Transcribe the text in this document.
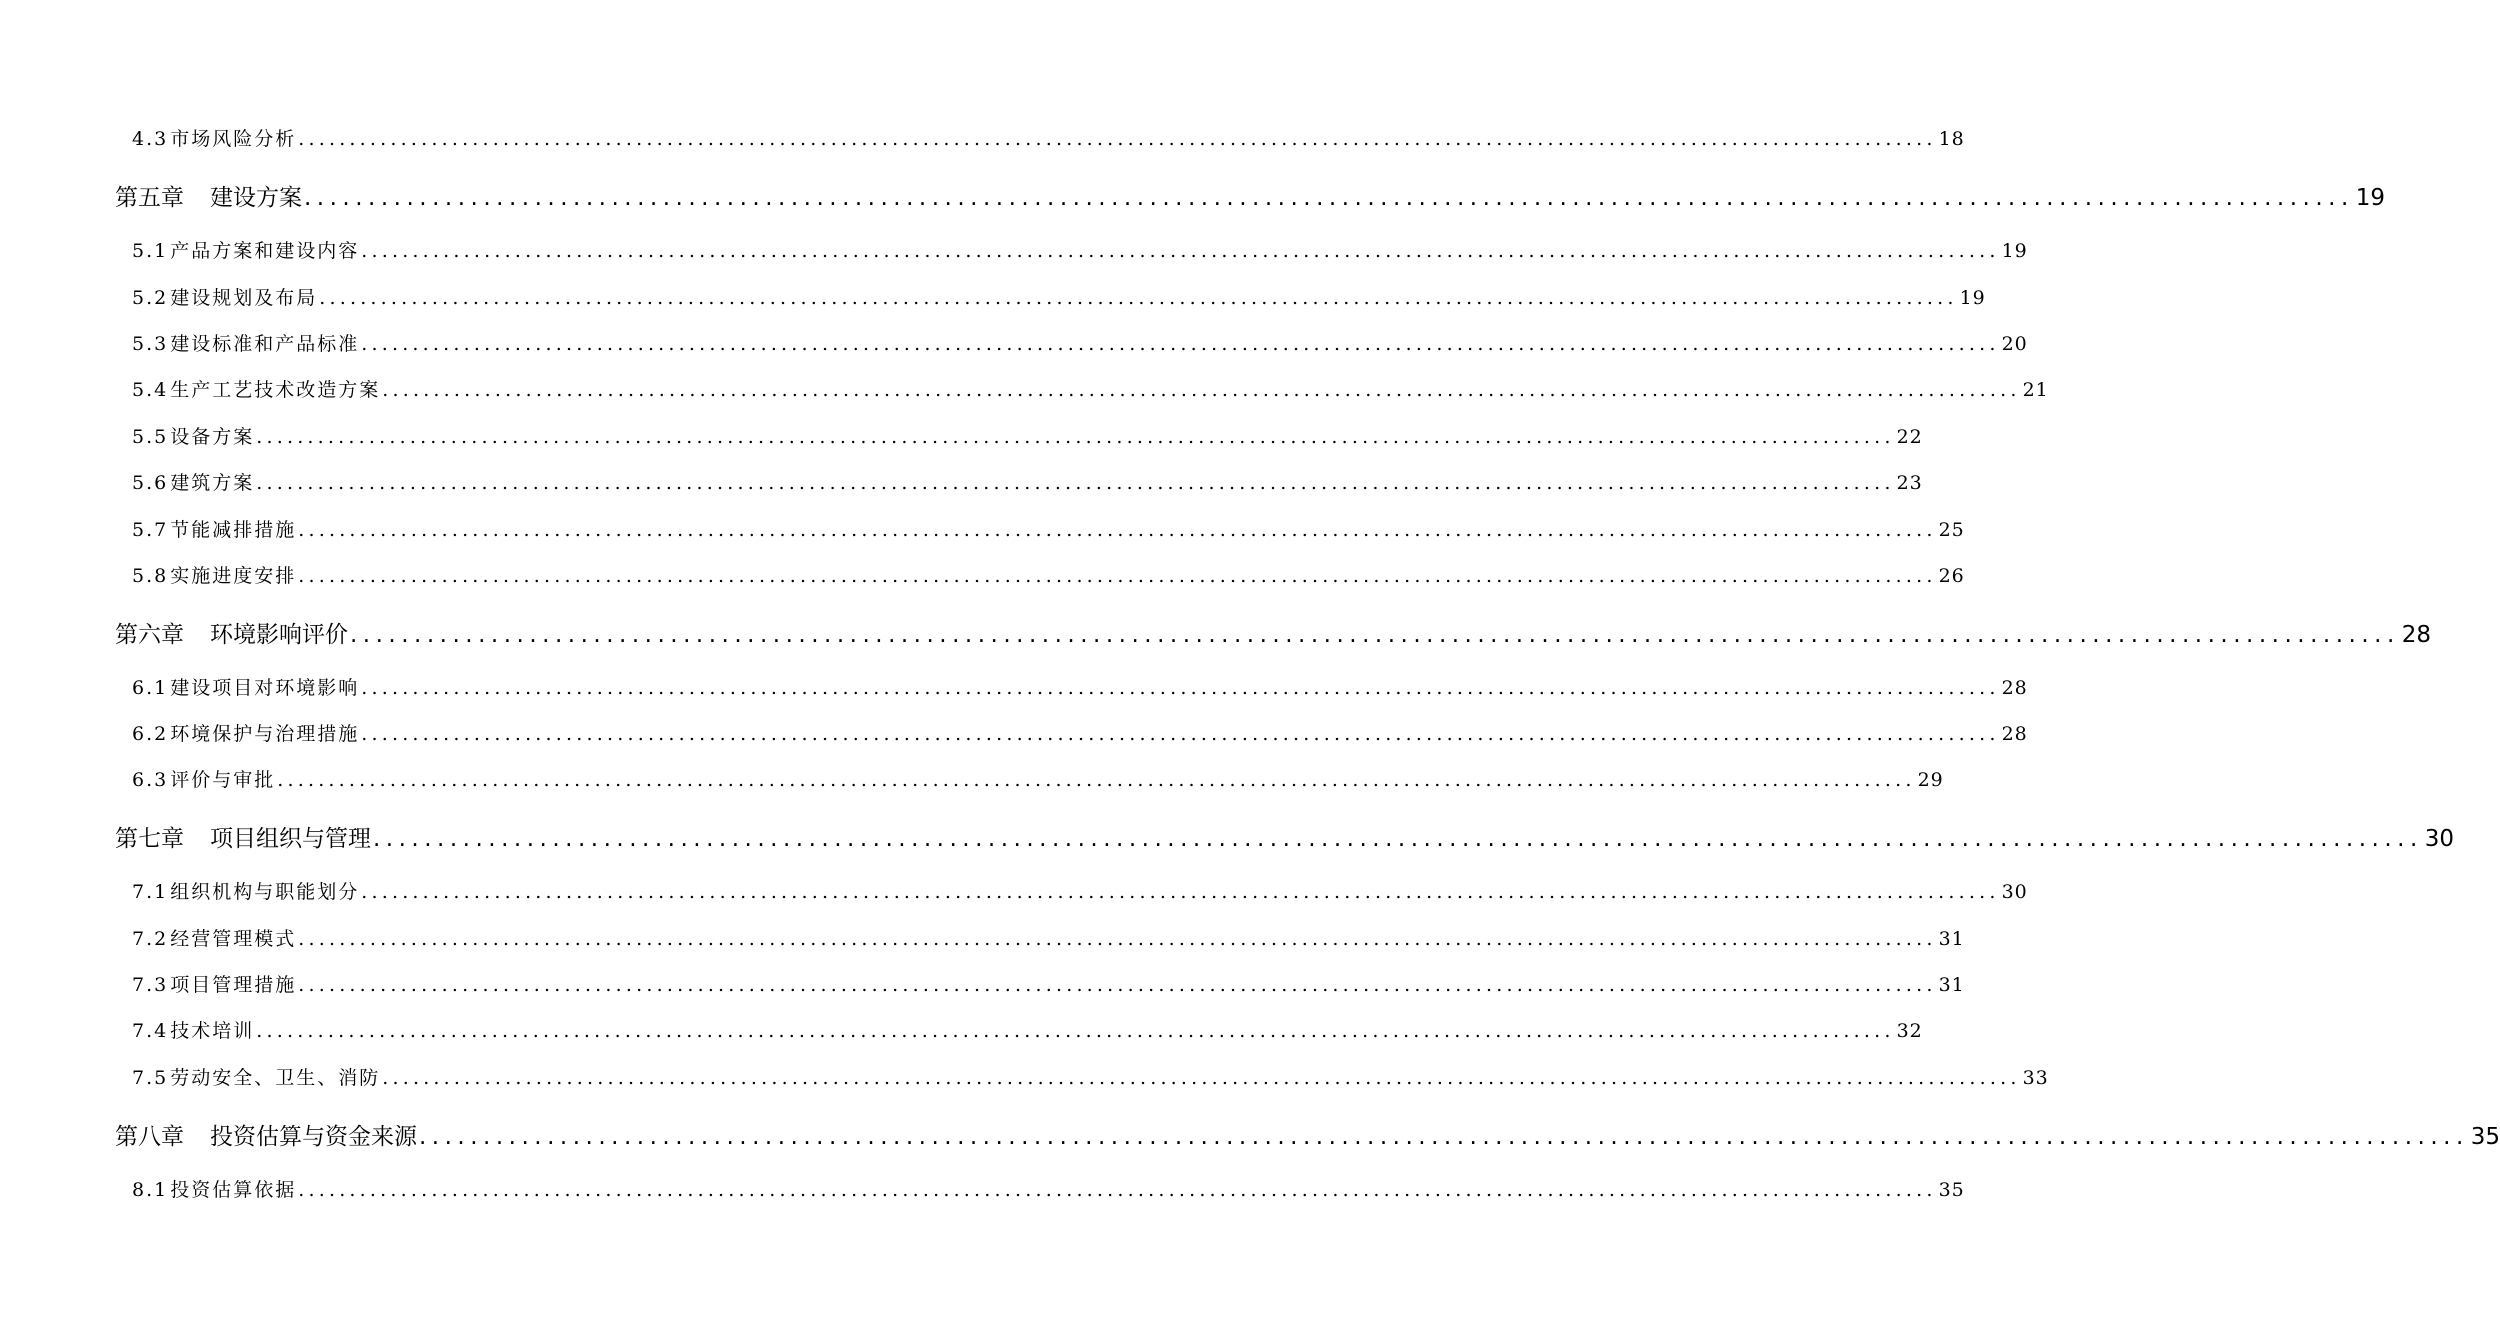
4.3 市场风险分析 ................................................................................................................................................................ 18
第五章 建设方案 ................................................................................................................................................................ 19
5.1 产品方案和建设内容 ................................................................................................................................................................ 19
5.2 建设规划及布局 ................................................................................................................................................................ 19
5.3 建设标准和产品标准 ................................................................................................................................................................ 20
5.4 生产工艺技术改造方案 ................................................................................................................................................................ 21
5.5 设备方案 ................................................................................................................................................................ 22
5.6 建筑方案 ................................................................................................................................................................ 23
5.7 节能减排措施 ................................................................................................................................................................ 25
5.8 实施进度安排 ................................................................................................................................................................ 26
第六章 环境影响评价 ................................................................................................................................................................ 28
6.1 建设项目对环境影响 ................................................................................................................................................................ 28
6.2 环境保护与治理措施 ................................................................................................................................................................ 28
6.3 评价与审批 ................................................................................................................................................................ 29
第七章 项目组织与管理 ................................................................................................................................................................ 30
7.1 组织机构与职能划分 ................................................................................................................................................................ 30
7.2 经营管理模式 ................................................................................................................................................................ 31
7.3 项目管理措施 ................................................................................................................................................................ 31
7.4 技术培训 ................................................................................................................................................................ 32
7.5 劳动安全、卫生、消防 ................................................................................................................................................................ 33
第八章 投资估算与资金来源 ................................................................................................................................................................ 35
8.1 投资估算依据 ................................................................................................................................................................ 35
